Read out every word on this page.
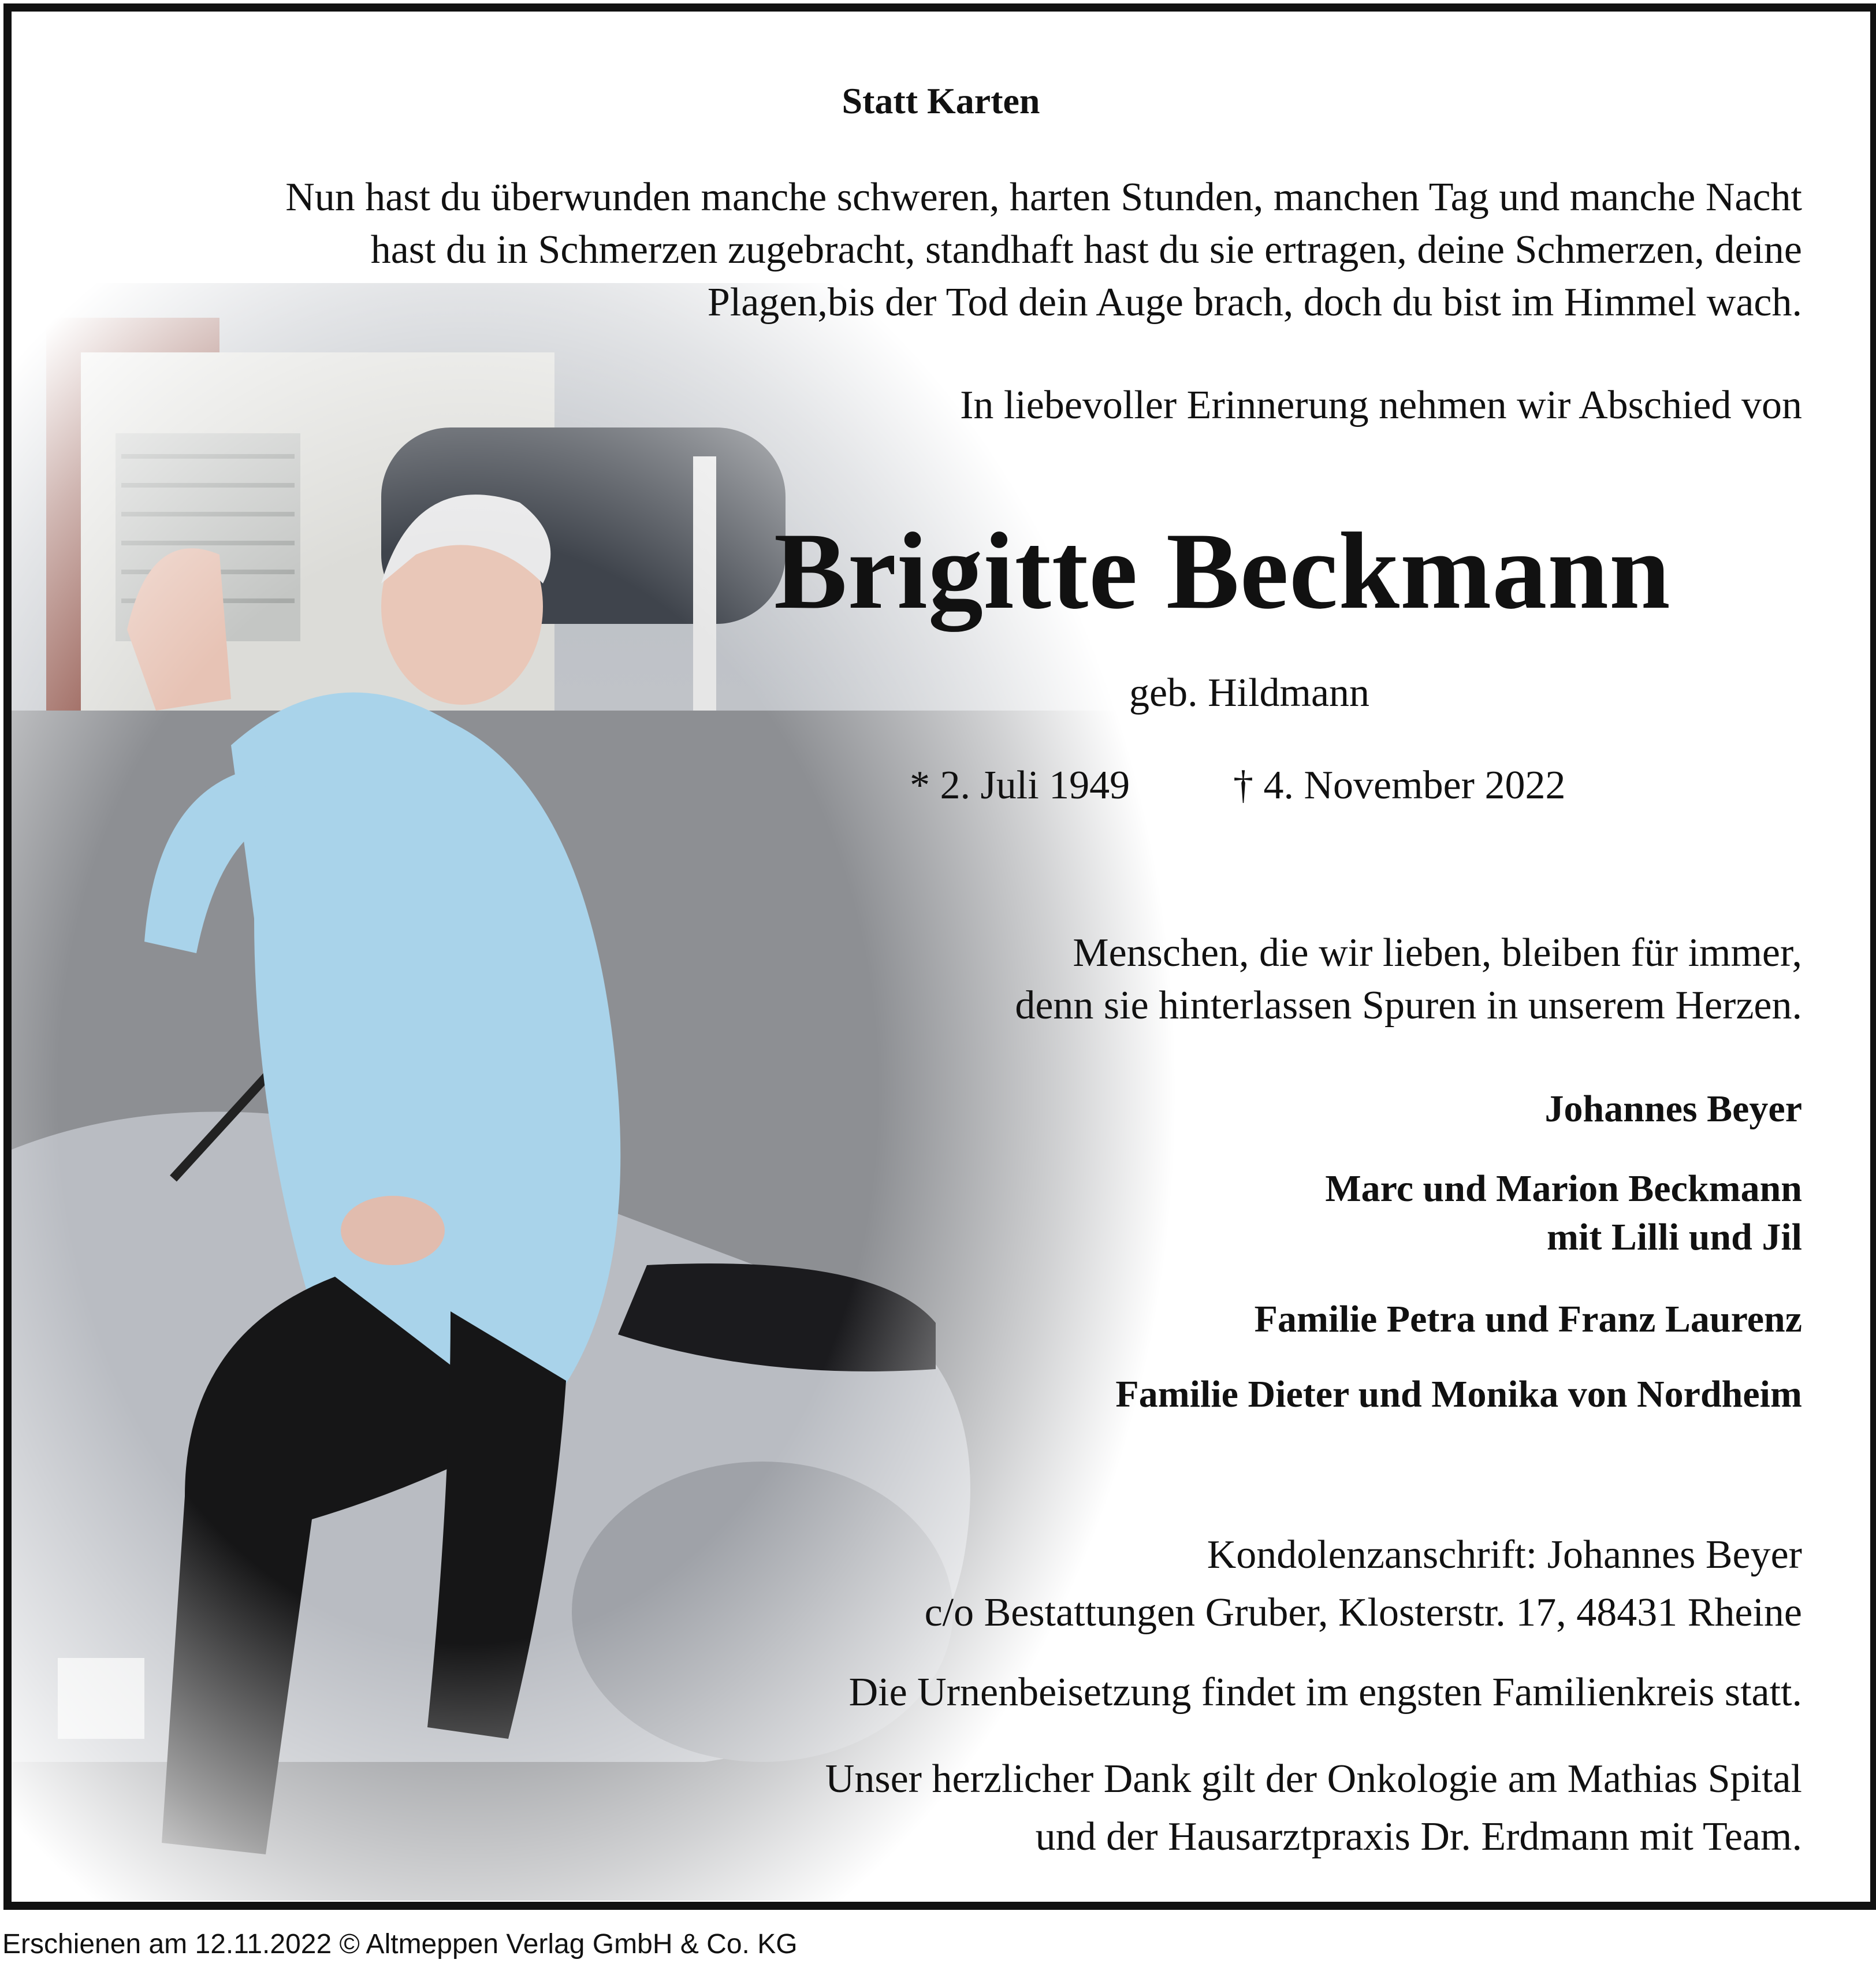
Statt Karten
Nun hast du überwunden manche schweren, harten Stunden, manchen Tag und manche Nacht
hast du in Schmerzen zugebracht, standhaft hast du sie ertragen, deine Schmerzen, deine
Plagen,bis der Tod dein Auge brach, doch du bist im Himmel wach.
In liebevoller Erinnerung nehmen wir Abschied von
Brigitte Beckmann
geb. Hildmann
* 2. Juli 1949	† 4. November 2022
Menschen, die wir lieben, bleiben für immer,
denn sie hinterlassen Spuren in unserem Herzen.
Johannes Beyer
Marc und Marion Beckmann
mit Lilli und Jil
Familie Petra und Franz Laurenz
Familie Dieter und Monika von Nordheim
Kondolenzanschrift: Johannes Beyer
c/o Bestattungen Gruber, Klosterstr. 17, 48431 Rheine
Die Urnenbeisetzung findet im engsten Familienkreis statt.
Unser herzlicher Dank gilt der Onkologie am Mathias Spital
und der Hausarztpraxis Dr. Erdmann mit Team.
Erschienen am 12.11.2022 © Altmeppen Verlag GmbH & Co. KG
